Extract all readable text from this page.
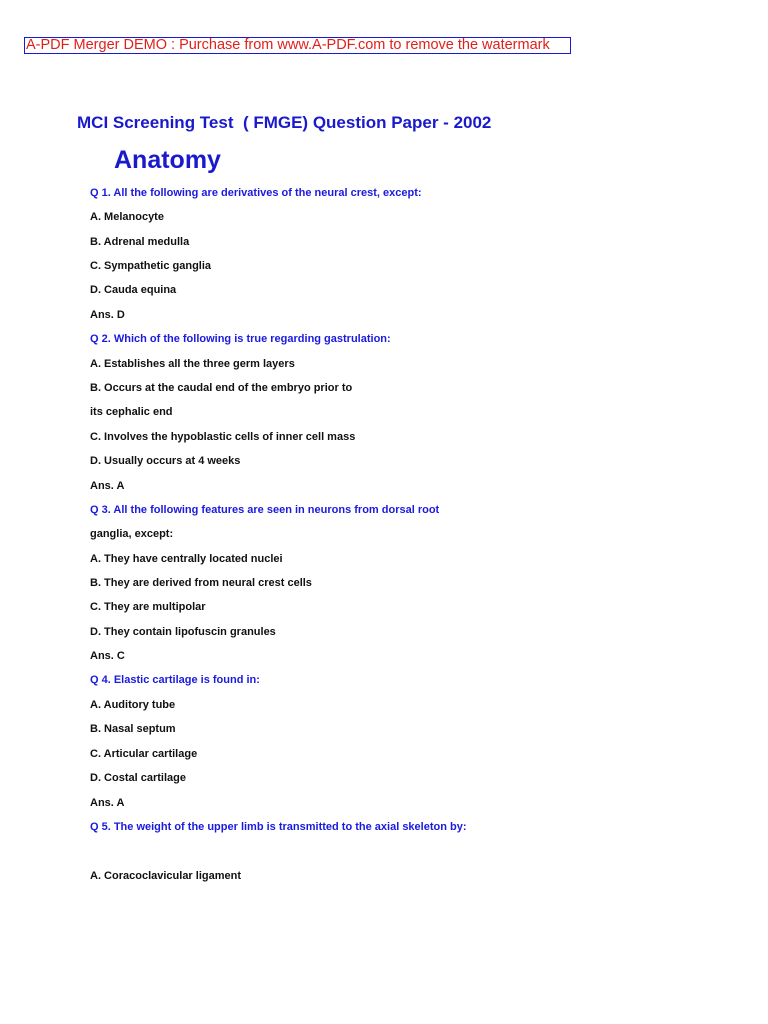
A-PDF Merger DEMO : Purchase from www.A-PDF.com to remove the watermark
MCI Screening Test  ( FMGE) Question Paper - 2002
Anatomy
Q 1. All the following are derivatives of the neural crest, except:
A. Melanocyte
B. Adrenal medulla
C. Sympathetic ganglia
D. Cauda equina
Ans. D
Q 2. Which of the following is true regarding gastrulation:
A. Establishes all the three germ layers
B. Occurs at the caudal end of the embryo prior to
its cephalic end
C. Involves the hypoblastic cells of inner cell mass
D. Usually occurs at 4 weeks
Ans. A
Q 3. All the following features are seen in neurons from dorsal root
ganglia, except:
A. They have centrally located nuclei
B. They are derived from neural crest cells
C. They are multipolar
D. They contain lipofuscin granules
Ans. C
Q 4. Elastic cartilage is found in:
A. Auditory tube
B. Nasal septum
C. Articular cartilage
D. Costal cartilage
Ans. A
Q 5. The weight of the upper limb is transmitted to the axial skeleton by:
A. Coracoclavicular ligament
